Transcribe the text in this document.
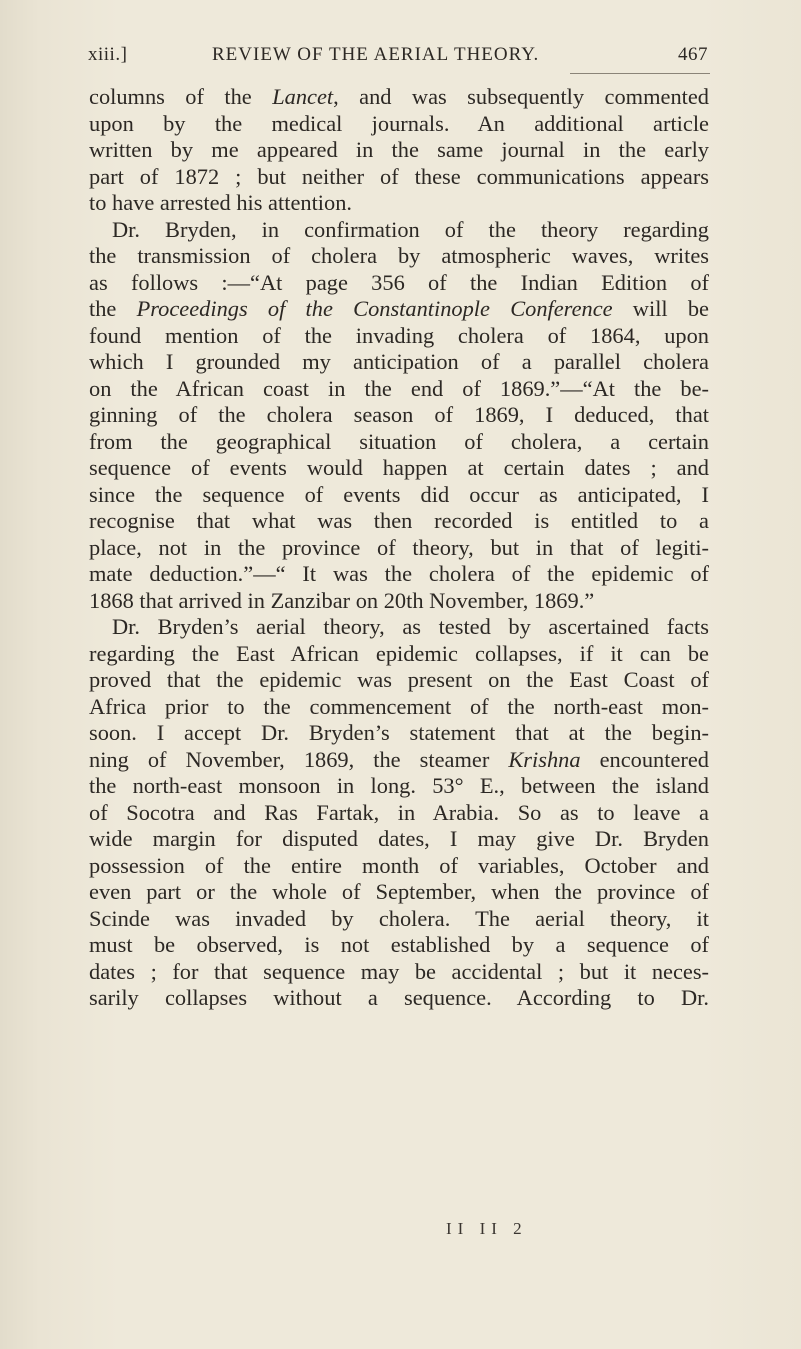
xiii.]	REVIEW OF THE AERIAL THEORY.	467
columns of the Lancet, and was subsequently commented
upon by the medical journals. An additional article
written by me appeared in the same journal in the early
part of 1872 ; but neither of these communications appears
to have arrested his attention.
Dr. Bryden, in confirmation of the theory regarding
the transmission of cholera by atmospheric waves, writes
as follows :—“At page 356 of the Indian Edition of
the Proceedings of the Constantinople Conference will be
found mention of the invading cholera of 1864, upon
which I grounded my anticipation of a parallel cholera
on the African coast in the end of 1869.”—“At the be-
ginning of the cholera season of 1869, I deduced, that
from the geographical situation of cholera, a certain
sequence of events would happen at certain dates ; and
since the sequence of events did occur as anticipated, I
recognise that what was then recorded is entitled to a
place, not in the province of theory, but in that of legiti-
mate deduction.”—“ It was the cholera of the epidemic of
1868 that arrived in Zanzibar on 20th November, 1869.”
Dr. Bryden’s aerial theory, as tested by ascertained facts
regarding the East African epidemic collapses, if it can be
proved that the epidemic was present on the East Coast of
Africa prior to the commencement of the north-east mon-
soon. I accept Dr. Bryden’s statement that at the begin-
ning of November, 1869, the steamer Krishna encountered
the north-east monsoon in long. 53° E., between the island
of Socotra and Ras Fartak, in Arabia. So as to leave a
wide margin for disputed dates, I may give Dr. Bryden
possession of the entire month of variables, October and
even part or the whole of September, when the province of
Scinde was invaded by cholera. The aerial theory, it
must be observed, is not established by a sequence of
dates ; for that sequence may be accidental ; but it neces-
sarily collapses without a sequence. According to Dr.
II II 2
